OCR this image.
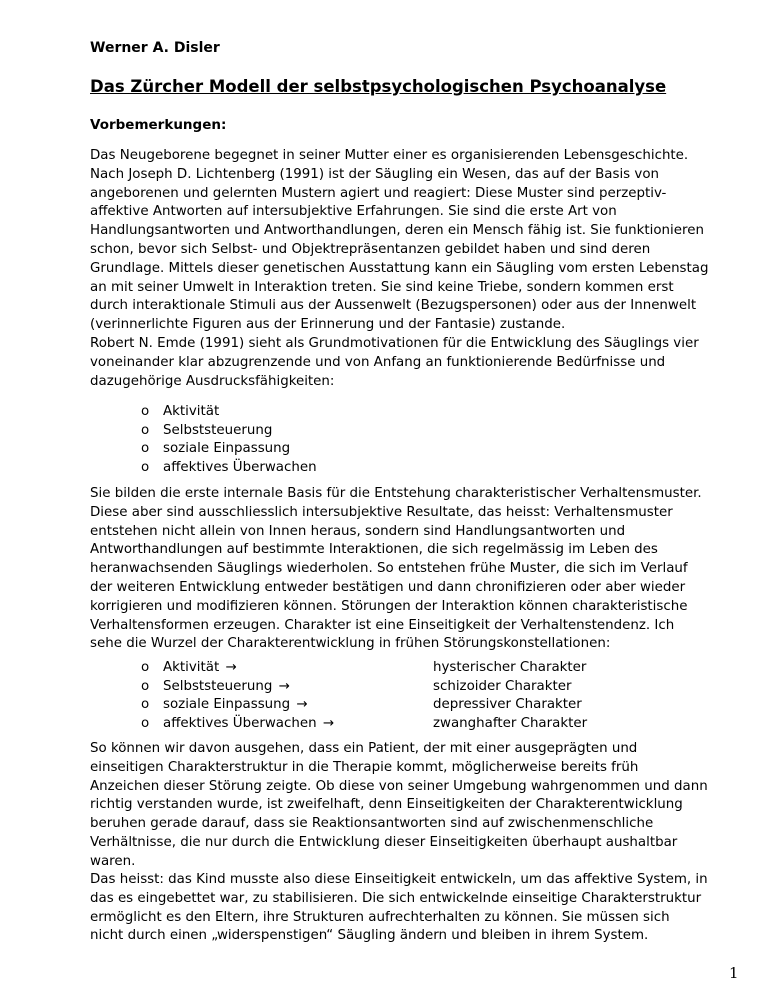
Werner A. Disler
Das Zürcher Modell der selbstpsychologischen Psychoanalyse
Vorbemerkungen:
Das Neugeborene begegnet in seiner Mutter einer es organisierenden Lebensgeschichte.
Nach Joseph D. Lichtenberg (1991) ist der Säugling ein Wesen, das auf der Basis von
angeborenen und gelernten Mustern agiert und reagiert: Diese Muster sind perzeptiv-
affektive Antworten auf intersubjektive Erfahrungen. Sie sind die erste Art von
Handlungsantworten und Antworthandlungen, deren ein Mensch fähig ist. Sie funktionieren
schon, bevor sich Selbst- und Objektrepräsentanzen gebildet haben und sind deren
Grundlage. Mittels dieser genetischen Ausstattung kann ein Säugling vom ersten Lebenstag
an mit seiner Umwelt in Interaktion treten. Sie sind keine Triebe, sondern kommen erst
durch interaktionale Stimuli aus der Aussenwelt (Bezugspersonen) oder aus der Innenwelt
(verinnerlichte Figuren aus der Erinnerung und der Fantasie) zustande.
Robert N. Emde (1991) sieht als Grundmotivationen für die Entwicklung des Säuglings vier
voneinander klar abzugrenzende und von Anfang an funktionierende Bedürfnisse und
dazugehörige Ausdrucksfähigkeiten:
o Aktivität
o Selbststeuerung
o soziale Einpassung
o affektives Überwachen
Sie bilden die erste internale Basis für die Entstehung charakteristischer Verhaltensmuster.
Diese aber sind ausschliesslich intersubjektive Resultate, das heisst: Verhaltensmuster
entstehen nicht allein von Innen heraus, sondern sind Handlungsantworten und
Antworthandlungen auf bestimmte Interaktionen, die sich regelmässig im Leben des
heranwachsenden Säuglings wiederholen. So entstehen frühe Muster, die sich im Verlauf
der weiteren Entwicklung entweder bestätigen und dann chronifizieren oder aber wieder
korrigieren und modifizieren können. Störungen der Interaktion können charakteristische
Verhaltensformen erzeugen. Charakter ist eine Einseitigkeit der Verhaltenstendenz. Ich
sehe die Wurzel der Charakterentwicklung in frühen Störungskonstellationen:
o Aktivität →	hysterischer Charakter
o Selbststeuerung →	schizoider Charakter
o soziale Einpassung →	depressiver Charakter
o affektives Überwachen →	zwanghafter Charakter
So können wir davon ausgehen, dass ein Patient, der mit einer ausgeprägten und
einseitigen Charakterstruktur in die Therapie kommt, möglicherweise bereits früh
Anzeichen dieser Störung zeigte. Ob diese von seiner Umgebung wahrgenommen und dann
richtig verstanden wurde, ist zweifelhaft, denn Einseitigkeiten der Charakterentwicklung
beruhen gerade darauf, dass sie Reaktionsantworten sind auf zwischenmenschliche
Verhältnisse, die nur durch die Entwicklung dieser Einseitigkeiten überhaupt aushaltbar
waren.
Das heisst: das Kind musste also diese Einseitigkeit entwickeln, um das affektive System, in
das es eingebettet war, zu stabilisieren. Die sich entwickelnde einseitige Charakterstruktur
ermöglicht es den Eltern, ihre Strukturen aufrechterhalten zu können. Sie müssen sich
nicht durch einen „widerspenstigen“ Säugling ändern und bleiben in ihrem System.
1
